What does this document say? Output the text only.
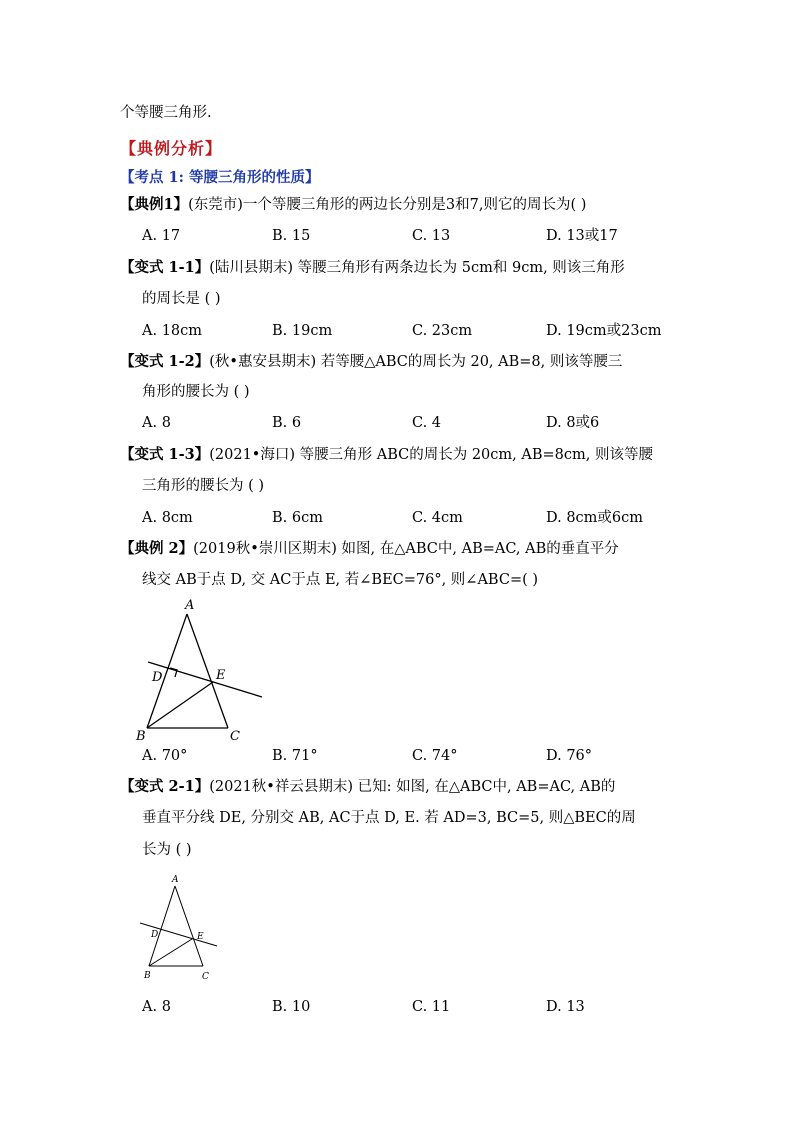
个等腰三角形.
【典例分析】
【考点 1: 等腰三角形的性质】
【典例1】(东莞市)一个等腰三角形的两边长分别是3和7,则它的周长为( )
A. 17	B. 15	C. 13	D. 13或17
【变式 1-1】(陆川县期末) 等腰三角形有两条边长为 5cm和 9cm, 则该三角形
的周长是 ( )
A. 18cm	B. 19cm	C. 23cm	D. 19cm或23cm
【变式 1-2】(秋•惠安县期末) 若等腰△ABC的周长为 20, AB=8, 则该等腰三
角形的腰长为 ( )
A. 8	B. 6	C. 4	D. 8或6
【变式 1-3】(2021•海口) 等腰三角形 ABC的周长为 20cm, AB=8cm, 则该等腰
三角形的腰长为 ( )
A. 8cm	B. 6cm	C. 4cm	D. 8cm或6cm
【典例 2】(2019秋•崇川区期末) 如图, 在△ABC中, AB=AC, AB的垂直平分
线交 AB于点 D, 交 AC于点 E, 若∠BEC=76°, 则∠ABC=( )
A
D	E
B	C
A. 70°	B. 71°	C. 74°	D. 76°
【变式 2-1】(2021秋•祥云县期末) 已知: 如图, 在△ABC中, AB=AC, AB的
垂直平分线 DE, 分别交 AB, AC于点 D, E. 若 AD=3, BC=5, 则△BEC的周
长为 ( )
A
D	E
B	C
A. 8	B. 10	C. 11	D. 13
